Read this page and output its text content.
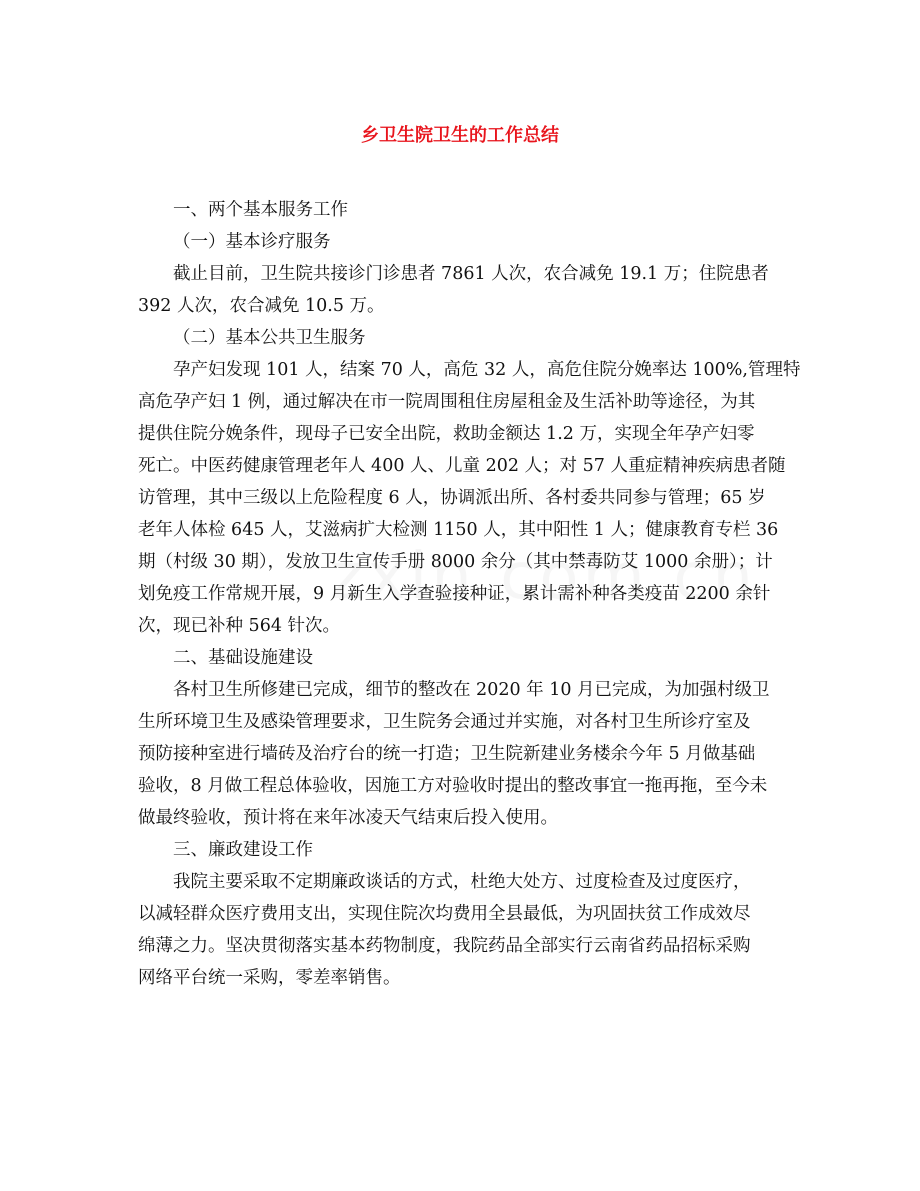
乡卫生院卫生的工作总结

一、两个基本服务工作

（一）基本诊疗服务

截止目前，卫生院共接诊门诊患者 7861 人次，农合减免 19.1 万；住院患者
392 人次，农合减免 10.5 万。

（二）基本公共卫生服务

孕产妇发现 101 人，结案 70 人，高危 32 人，高危住院分娩率达 100%,管理特
高危孕产妇 1 例，通过解决在市一院周围租住房屋租金及生活补助等途径，为其
提供住院分娩条件，现母子已安全出院，救助金额达 1.2 万，实现全年孕产妇零
死亡。中医药健康管理老年人 400 人、儿童 202 人；对 57 人重症精神疾病患者随
访管理，其中三级以上危险程度 6 人，协调派出所、各村委共同参与管理；65 岁
老年人体检 645 人，艾滋病扩大检测 1150 人，其中阳性 1 人；健康教育专栏 36
期（村级 30 期），发放卫生宣传手册 8000 余分（其中禁毒防艾 1000 余册）；计
划免疫工作常规开展，9 月新生入学查验接种证，累计需补种各类疫苗 2200 余针
次，现已补种 564 针次。

二、基础设施建设

各村卫生所修建已完成，细节的整改在 2020 年 10 月已完成，为加强村级卫
生所环境卫生及感染管理要求，卫生院务会通过并实施，对各村卫生所诊疗室及
预防接种室进行墙砖及治疗台的统一打造；卫生院新建业务楼余今年 5 月做基础
验收，8 月做工程总体验收，因施工方对验收时提出的整改事宜一拖再拖，至今未
做最终验收，预计将在来年冰凌天气结束后投入使用。

三、廉政建设工作

我院主要采取不定期廉政谈话的方式，杜绝大处方、过度检查及过度医疗，
以减轻群众医疗费用支出，实现住院次均费用全县最低，为巩固扶贫工作成效尽
绵薄之力。坚决贯彻落实基本药物制度，我院药品全部实行云南省药品招标采购
网络平台统一采购，零差率销售。
